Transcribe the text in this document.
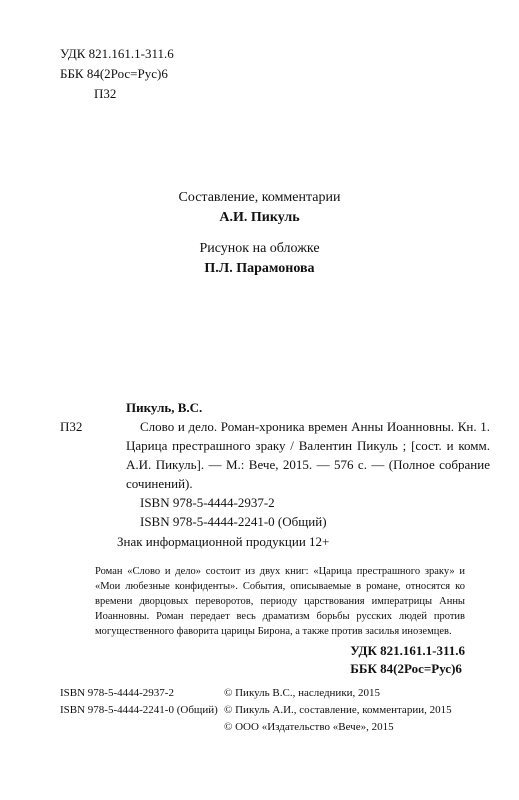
УДК 821.161.1-311.6
ББК 84(2Рос=Рус)6
П32
Составление, комментарии
А.И. Пикуль
Рисунок на обложке
П.Л. Парамонова
Пикуль, В.С.
П32	Слово и дело. Роман-хроника времен Анны Иоанновны. Кн. 1. Царица престрашного зраку / Валентин Пикуль ; [сост. и комм. А.И. Пикуль]. — М.: Вече, 2015. — 576 с. — (Полное собрание сочинений).
ISBN 978-5-4444-2937-2
ISBN 978-5-4444-2241-0 (Общий)
Знак информационной продукции 12+
Роман «Слово и дело» состоит из двух книг: «Царица престрашного зраку» и «Мои любезные конфиденты». События, описываемые в романе, относятся ко времени дворцовых переворотов, периоду царствования императрицы Анны Иоанновны. Роман передает весь драматизм борьбы русских людей против могущественного фаворита царицы Бирона, а также против засилья иноземцев.
УДК 821.161.1-311.6
ББК 84(2Рос=Рус)6
ISBN 978-5-4444-2937-2
ISBN 978-5-4444-2241-0 (Общий)
© Пикуль В.С., наследники, 2015
© Пикуль А.И., составление, комментарии, 2015
© ООО «Издательство «Вече», 2015
